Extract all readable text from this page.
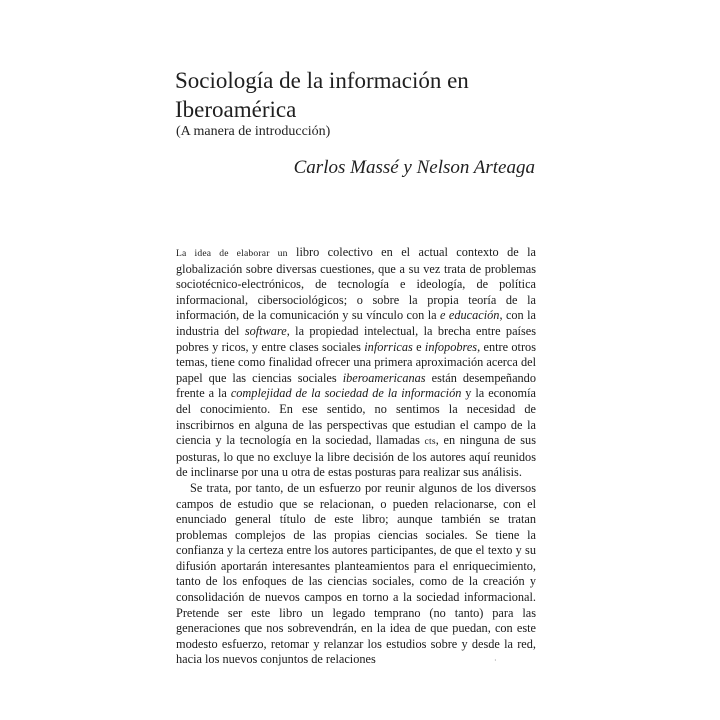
Sociología de la información en
Iberoamérica
(A manera de introducción)
Carlos Massé y Nelson Arteaga

La idea de elaborar un libro colectivo en el actual contexto de la globalización sobre diversas cuestiones, que a su vez trata de problemas sociotécnico-electrónicos, de tecnología e ideología, de política informacional, cibersociológicos; o sobre la propia teoría de la información, de la comunicación y su vínculo con la e educación, con la industria del software, la propiedad intelectual, la brecha entre países pobres y ricos, y entre clases sociales inforricas e infopobres, entre otros temas, tiene como finalidad ofrecer una primera aproximación acerca del papel que las ciencias sociales iberoamericanas están desempeñando frente a la complejidad de la sociedad de la información y la economía del conocimiento. En ese sentido, no sentimos la necesidad de inscribirnos en alguna de las perspectivas que estudian el campo de la ciencia y la tecnología en la sociedad, llamadas cts, en ninguna de sus posturas, lo que no excluye la libre decisión de los autores aquí reunidos de inclinarse por una u otra de estas posturas para realizar sus análisis.

Se trata, por tanto, de un esfuerzo por reunir algunos de los diversos campos de estudio que se relacionan, o pueden relacionarse, con el enunciado general título de este libro; aunque también se tratan problemas complejos de las propias ciencias sociales. Se tiene la confianza y la certeza entre los autores participantes, de que el texto y su difusión aportarán interesantes planteamientos para el enriquecimiento, tanto de los enfoques de las ciencias sociales, como de la creación y consolidación de nuevos campos en torno a la sociedad informacional. Pretende ser este libro un legado temprano (no tanto) para las generaciones que nos sobrevendrán, en la idea de que puedan, con este modesto esfuerzo, retomar y relanzar los estudios sobre y desde la red, hacia los nuevos conjuntos de relaciones	·
